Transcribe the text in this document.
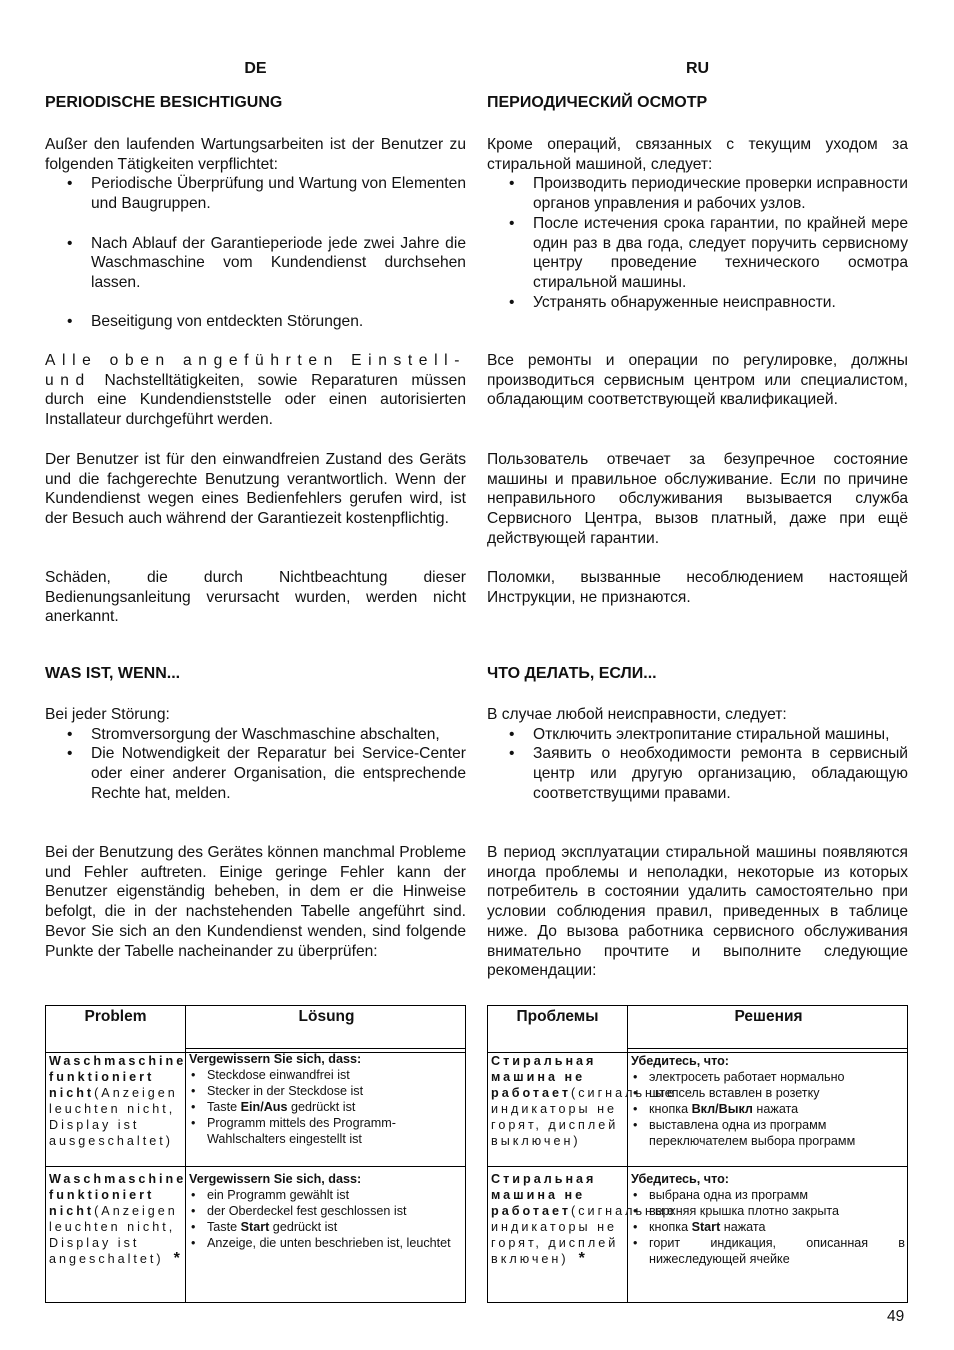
DE
PERIODISCHE BESICHTIGUNG
Außer den laufenden Wartungsarbeiten ist der Benutzer zu folgenden Tätigkeiten verpflichtet:
• Periodische Überprüfung und Wartung von Elementen und Baugruppen.
• Nach Ablauf der Garantieperiode jede zwei Jahre die Waschmaschine vom Kundendienst durchsehen lassen.
• Beseitigung von entdeckten Störungen.
Alle oben angeführten Einstell- und Nachstelltätigkeiten, sowie Reparaturen müssen durch eine Kundendienststelle oder einen autorisierten Installateur durchgeführt werden.
Der Benutzer ist für den einwandfreien Zustand des Geräts und die fachgerechte Benutzung verantwortlich. Wenn der Kundendienst wegen eines Bedienfehlers gerufen wird, ist der Besuch auch während der Garantiezeit kostenpflichtig.
Schäden, die durch Nichtbeachtung dieser Bedienungsanleitung verursacht wurden, werden nicht anerkannt.
WAS IST, WENN...
Bei jeder Störung:
• Stromversorgung der Waschmaschine abschalten,
• Die Notwendigkeit der Reparatur bei Service-Center oder einer anderer Organisation, die entsprechende Rechte hat, melden.
Bei der Benutzung des Gerätes können manchmal Probleme und Fehler auftreten. Einige geringe Fehler kann der Benutzer eigenständig beheben, in dem er die Hinweise befolgt, die in der nachstehenden Tabelle angeführt sind. Bevor Sie sich an den Kundendienst wenden, sind folgende Punkte der Tabelle nacheinander zu überprüfen:
Problem	Lösung
Waschmaschine funktioniert nicht(Anzeigen leuchten nicht, Display ist ausgeschaltet)
Vergewissern Sie sich, dass:
• Steckdose einwandfrei ist
• Stecker in der Steckdose ist
• Taste Ein/Aus gedrückt ist
• Programm mittels des Programm-Wahlschalters eingestellt ist
Waschmaschine funktioniert nicht(Anzeigen leuchten nicht, Display ist angeschaltet) *
Vergewissern Sie sich, dass:
• ein Programm gewählt ist
• der Oberdeckel fest geschlossen ist
• Taste Start gedrückt ist
• Anzeige, die unten beschrieben ist, leuchtet
RU
ПЕРИОДИЧЕСКИЙ ОСМОТР
Кроме операций, связанных с текущим уходом за стиральной машиной, следует:
• Производить периодические проверки исправности органов управления и рабочих узлов.
• После истечения срока гарантии, по крайней мере один раз в два года, следует поручить сервисному центру проведение технического осмотра стиральной машины.
• Устранять обнаруженные неисправности.
Все ремонты и операции по регулировке, должны производиться сервисным центром или специалистом, обладающим соответствующей квалификацией.
Пользователь отвечает за безупречное состояние машины и правильное обслуживание. Если по причине неправильного обслуживания вызывается служба Сервисного Центра, вызов платный, даже при ещё действующей гарантии.
Поломки, вызванные несоблюдением настоящей Инструкции, не признаются.
ЧТО ДЕЛАТЬ, ЕСЛИ...
В случае любой неисправности, следует:
• Отключить электропитание стиральной машины,
• Заявить о необходимости ремонта в сервисный центр или другую организацию, обладающую соответствущими правами.
В период эксплуатации стиральной машины появляются иногда проблемы и неполадки, некоторые из которых потребитель в состоянии удалить самостоятельно при условии соблюдения правил, приведенных в таблице ниже. До вызова работника сервисного обслуживания внимательно прочтите и выполните следующие рекомендации:
Проблемы	Решения
Стиральная машина не работает(сигнальные индикаторы не горят, дисплей выключен)
Убедитесь, что:
• электросеть работает нормально
• штепсель вставлен в розетку
• кнопка Вкл/Выкл нажата
• выставлена одна из программ переключателем выбора программ
Стиральная машина не работает(сигнальные индикаторы не горят, дисплей включен) *
Убедитесь, что:
• выбрана одна из программ
• верхняя крышка плотно закрыта
• кнопка Start нажата
• горит индикация, описанная в нижеследующей ячейке
49
